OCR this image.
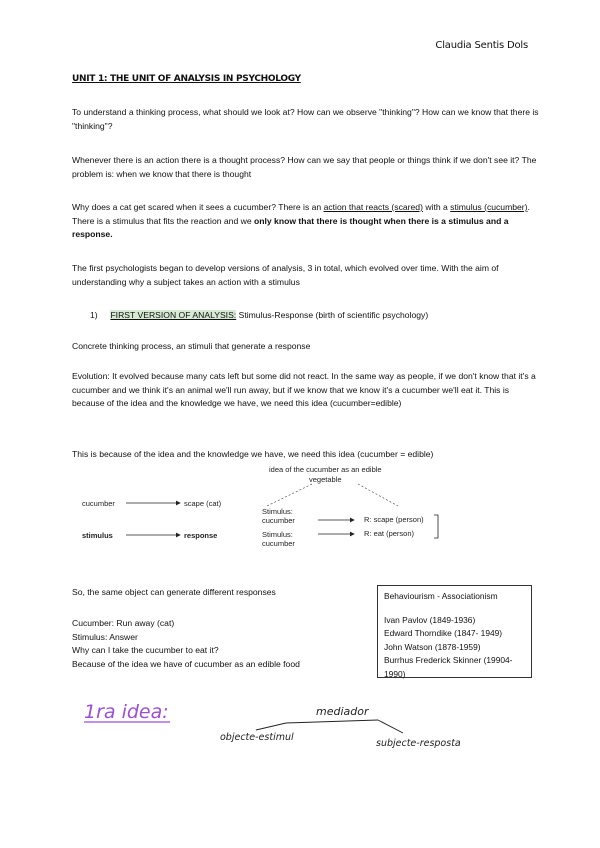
Claudia Sentis Dols
UNIT 1: THE UNIT OF ANALYSIS IN PSYCHOLOGY
To understand a thinking process, what should we look at? How can we observe "thinking"? How can we know that there is "thinking"?
Whenever there is an action there is a thought process? How can we say that people or things think if we don't see it? The problem is: when we know that there is thought
Why does a cat get scared when it sees a cucumber? There is an action that reacts (scared) with a stimulus (cucumber). There is a stimulus that fits the reaction and we only know that there is thought when there is a stimulus and a response.
The first psychologists began to develop versions of analysis, 3 in total, which evolved over time. With the aim of understanding why a subject takes an action with a stimulus
1) FIRST VERSION OF ANALYSIS: Stimulus-Response (birth of scientific psychology)
Concrete thinking process, an stimuli that generate a response
Evolution: It evolved because many cats left but some did not react. In the same way as people, if we don't know that it's a cucumber and we think it's an animal we'll run away, but if we know that we know it's a cucumber we'll eat it. This is because of the idea and the knowledge we have, we need this idea (cucumber=edible)
This is because of the idea and the knowledge we have, we need this idea (cucumber = edible)
cucumber	scape (cat)
stimulus	response
idea of the cucumber as an edible
vegetable
Stimulus:
cucumber	R: scape (person)
Stimulus:
cucumber
R: eat (person)
So, the same object can generate different responses
Cucumber: Run away (cat)
Stimulus: Answer
Why can I take the cucumber to eat it?
Because of the idea we have of cucumber as an edible food
Behaviourism - Associationism
Ivan Pavlov (1849-1936)
Edward Thorndike (1847- 1949)
John Watson (1878-1959)
Burrhus Frederick Skinner (19904-1990)
1ra idea:	mediador
objecte-estimul
subjecte-resposta
